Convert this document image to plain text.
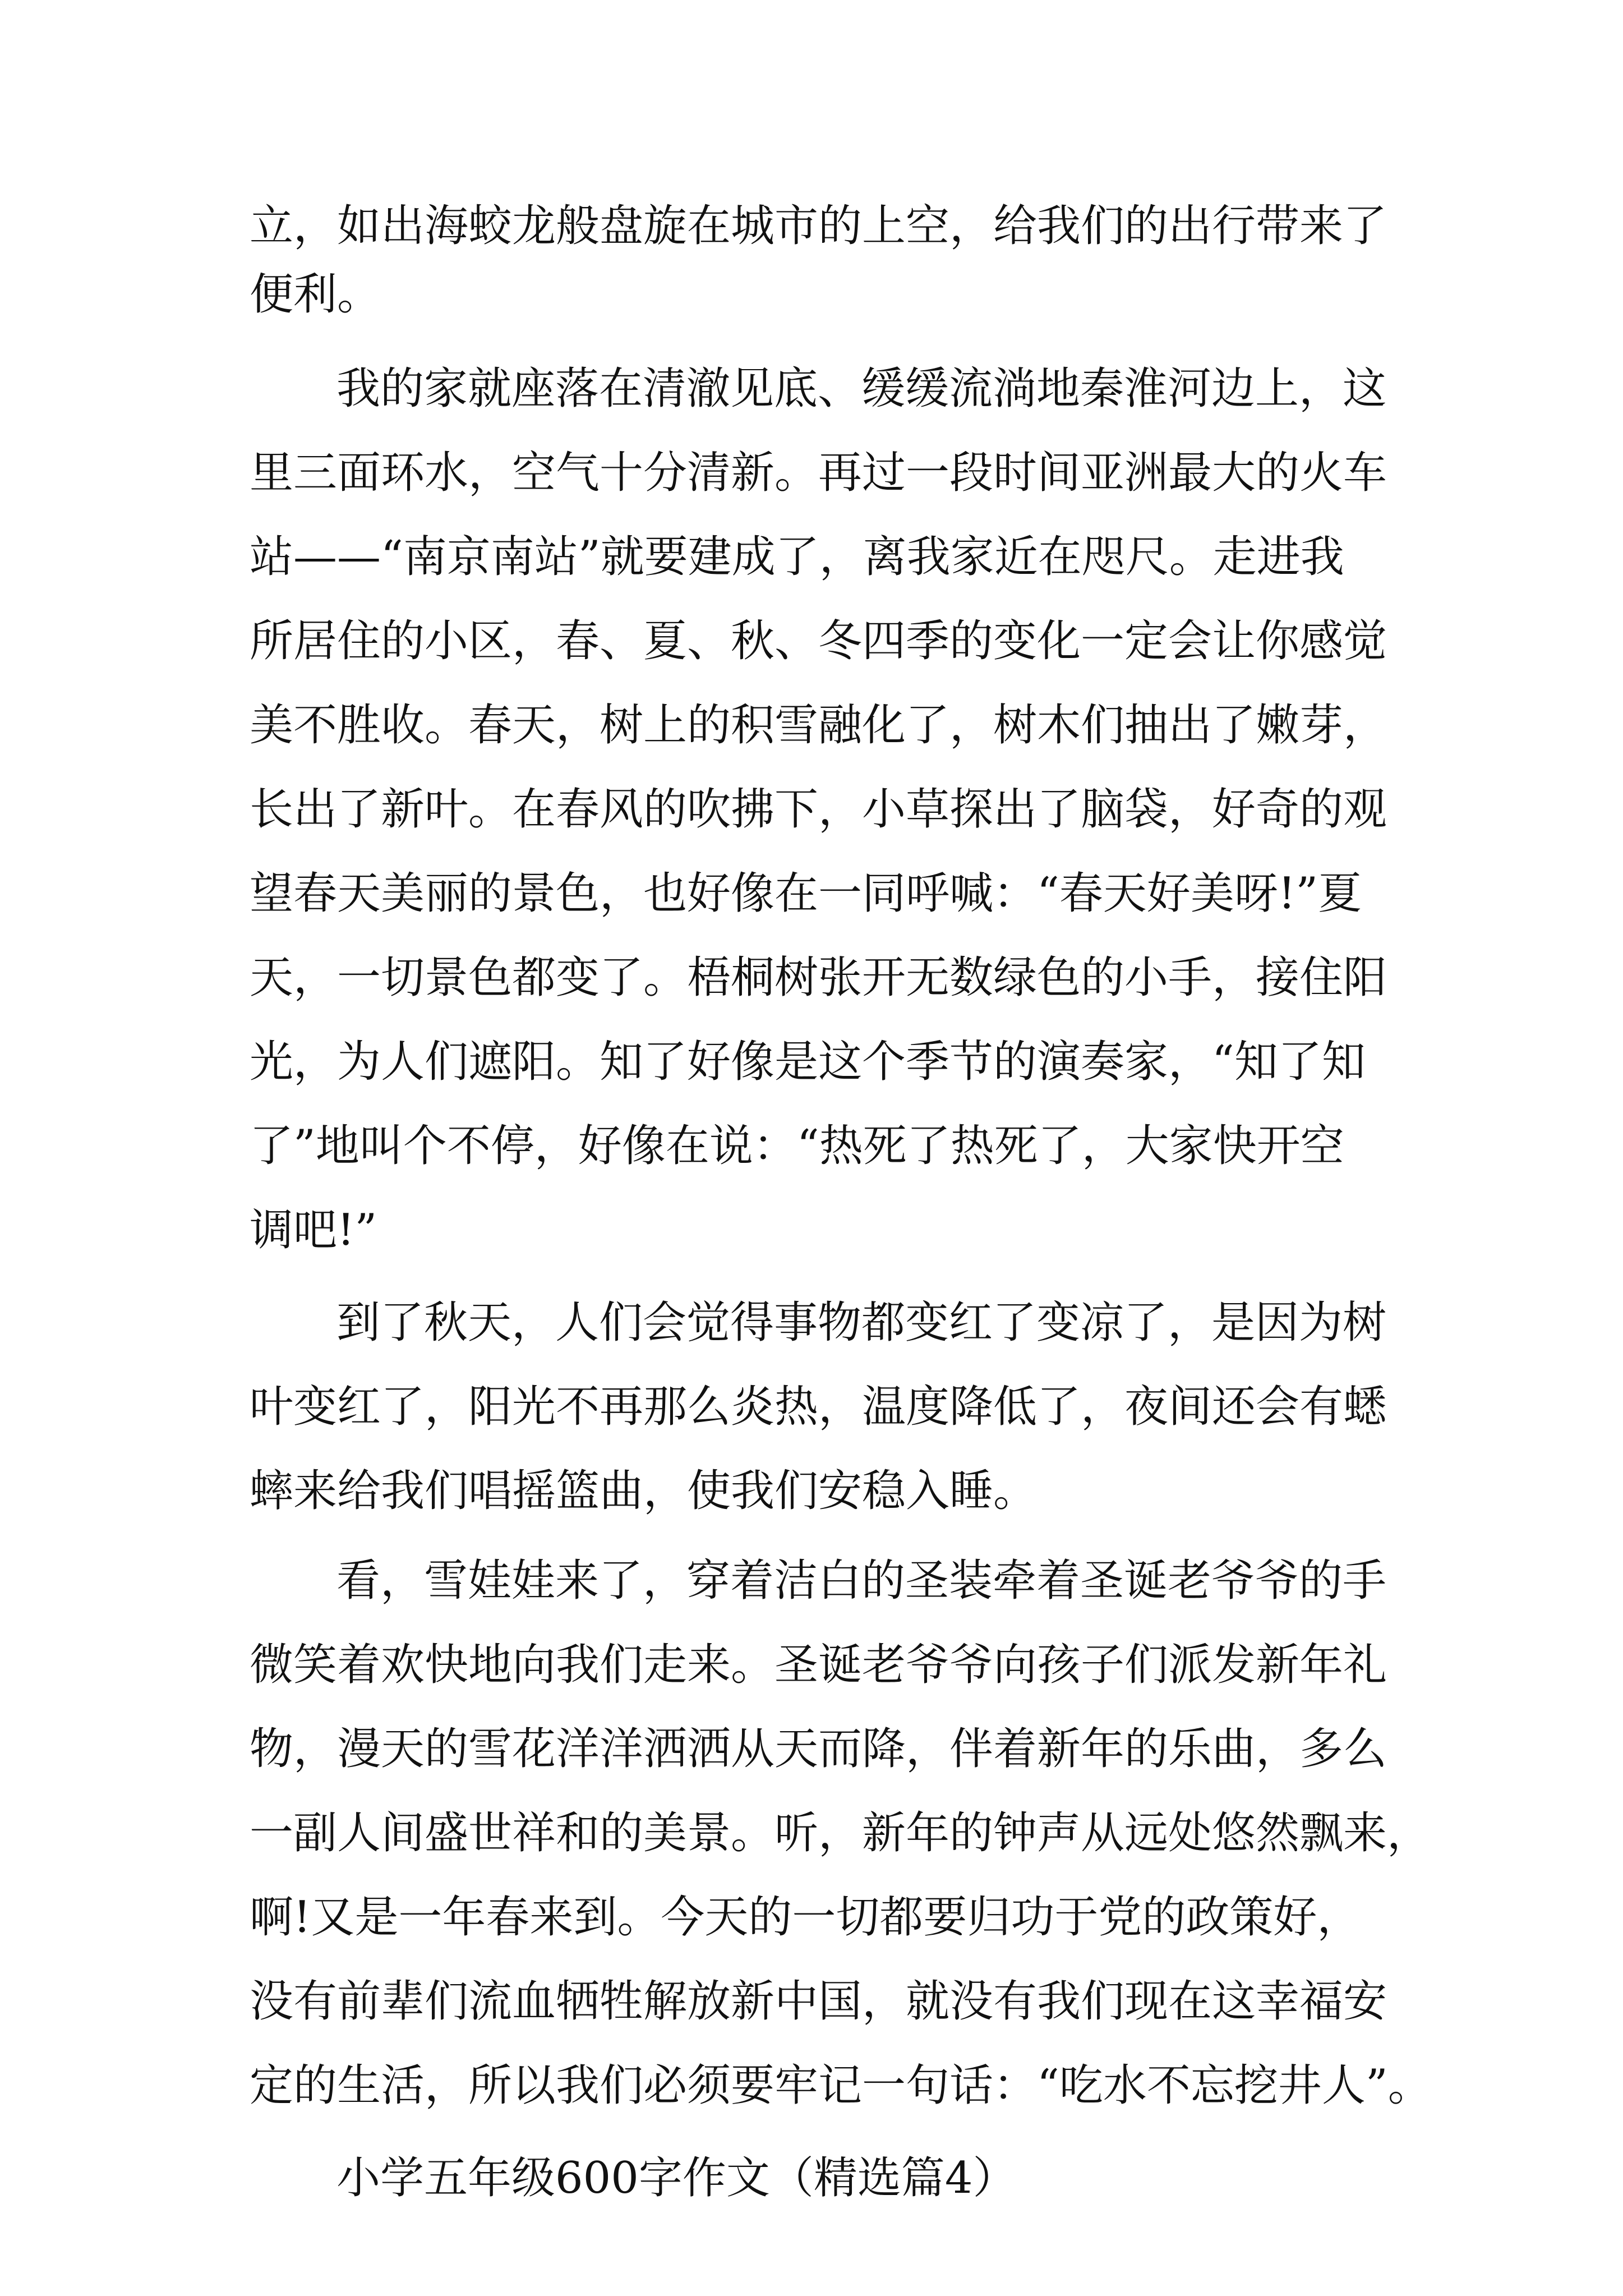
立，如出海蛟龙般盘旋在城市的上空，给我们的出行带来了
便利。
我的家就座落在清澈见底、缓缓流淌地秦淮河边上，这
里三面环水，空气十分清新。再过一段时间亚洲最大的火车
站——“南京南站”就要建成了，离我家近在咫尺。走进我
所居住的小区，春、夏、秋、冬四季的变化一定会让你感觉
美不胜收。春天，树上的积雪融化了，树木们抽出了嫩芽，
长出了新叶。在春风的吹拂下，小草探出了脑袋，好奇的观
望春天美丽的景色，也好像在一同呼喊：“春天好美呀!”夏
天，一切景色都变了。梧桐树张开无数绿色的小手，接住阳
光，为人们遮阳。知了好像是这个季节的演奏家，“知了知
了”地叫个不停，好像在说：“热死了热死了，大家快开空
调吧!”
到了秋天，人们会觉得事物都变红了变凉了，是因为树
叶变红了，阳光不再那么炎热，温度降低了，夜间还会有蟋
蟀来给我们唱摇篮曲，使我们安稳入睡。
看，雪娃娃来了，穿着洁白的圣装牵着圣诞老爷爷的手
微笑着欢快地向我们走来。圣诞老爷爷向孩子们派发新年礼
物，漫天的雪花洋洋洒洒从天而降，伴着新年的乐曲，多么
一副人间盛世祥和的美景。听，新年的钟声从远处悠然飘来，
啊!又是一年春来到。今天的一切都要归功于党的政策好，
没有前辈们流血牺牲解放新中国，就没有我们现在这幸福安
定的生活，所以我们必须要牢记一句话：“吃水不忘挖井人”。
小学五年级600字作文（精选篇4）
